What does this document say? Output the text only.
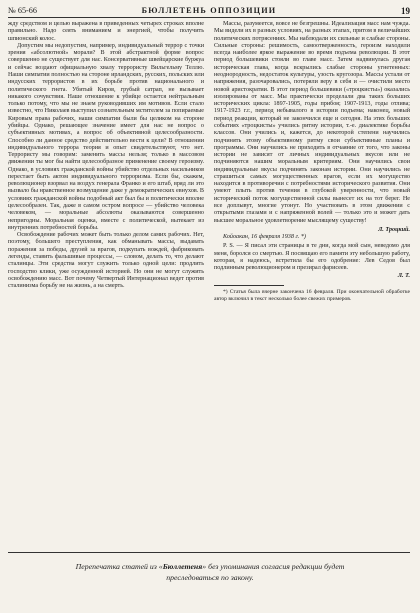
№ 65-66	БЮЛЛЕТЕНЬ ОППОЗИЦИИ	19

жду средством и целью выражена в приведенных четырех строках вполне правильно. Надо сеять вниманием и энергией, чтобы получить шпионский колос.

Допустим мы недопустим, например, индивидуальный террор с точки зрения «абсолютной» морали? В этой абстрактной форме вопрос совершенно не существует для нас. Консервативные швейцарские буржуа и сейчас воздают официальную хвалу террористу Вильгельму Теллю. Наши симпатии полностью на стороне ирландских, русских, польских или индусских террористов в их борьбе против национального и политического гнета. Убитый Киров, грубый сатрап, не вызывает никакого сочувствия. Наше отношение к убийце остается нейтральным только потому, что мы не знаем руководивших им мотивов. Если стало известно, что Николаев выступил сознательным мстителем за попираемые Кировым права рабочих, наши симпатии были бы целиком на стороне убийцы. Однако, решающее значение имеет для нас не вопрос о субъективных мотивах, а вопрос об объективной целесообразности. Способно ли данное средство действительно вести к цели? В отношении индивидуального террора теория и опыт свидетельствуют, что нет. Террористу мы говорим: заменить массы нельзя; только в массовом движении ты мог бы найти целесообразное применение своему героизму. Однако, в условиях гражданской войны убийство отдельных насильников перестает быть актом индивидуального терроризма. Если бы, скажем, революционер взорвал на воздух генерала Франко и его штаб, вряд ли это вызвало бы нравственное возмущение даже у демократических евнухов. В условиях гражданской войны подобный акт был бы и политически вполне целесообразен. Так, даже в самом остром вопросе — убийство человека человеком, — моральные абсолюты оказываются совершенно непригодны. Моральная оценка, вместе с политической, вытекает из внутренних потребностей борьбы.

Освобождение рабочих может быть только делом самих рабочих. Нет, поэтому, большего преступления, как обманывать массы, выдавать поражения за победы, друзей за врагов, подкупать вождей, фабриковать легенды, ставить фальшивые процессы, — словом, делать то, что делают сталинцы. Эти средства могут служить только одной цели: продлить господство клики, уже осужденной историей. Но они не могут служить освобождению масс. Вот почему Четвертый Интернационал ведет против сталинизма борьбу не на жизнь, а на смерть.

Массы, разумеется, вовсе не безгрешны. Идеализация масс нам чужда. Мы видели их в разных условиях, на разных этапах, притом в величайших политических потрясениях. Мы наблюдали их сильные и слабые стороны. Сильные стороны: решимость, самоотверженность, героизм находили всегда наиболее яркое выражение во время подъема революции. В этот период большевики стояли во главе масс. Затем надвинулась другая историческая глава, когда вскрылись слабые стороны угнетенных: неоднородность, недостаток культуры, узость кругозора. Массы устали от напряжения, разочаровались, потеряли веру в себя и — очистили место новой аристократии. В этот период большевики («троцкисты») оказались изолированы от масс. Мы практически проделали два таких больших исторических цикла: 1897-1905, годы прибоя; 1907-1913, годы отлива; 1917-1923 г.г., период небывалого в истории подъема; наконец, новый период реакции, который не закончился еще и сегодня. На этих больших событиях «троцкисты» учились ритму истории, т.-е. диалектике борьбы классов. Они учились и, кажется, до некоторой степени научились подчинять этому объективному ритму свои субъективные планы и программы. Они научились не приходить в отчаяние от того, что законы истории не зависят от личных индивидуальных вкусов или не подчиняются нашим моральным критериям. Они научились свои индивидуальные вкусы подчинять законам истории. Они научились не страшиться самых могущественных врагов, если их могущество находится в противоречии с потребностями исторического развития. Они умеют плыть против течения в глубокой уверенности, что новый исторический поток могущественной силы вынесет их на тот берег. Не все доплывут, многие утонут. Но участвовать в этом движении с открытыми глазами и с напряженной волей — только это и может дать высшее моральное удовлетворение мыслящему существу!

Л. Троцкий.

Койоакан, 16 февраля 1938 г. *)

P. S. — Я писал эти страницы в те дни, когда мой сын, неведомо для меня, боролся со смертью. Я посвящаю его памяти эту небольшую работу, которая, я надеюсь, встретила бы его одобрение: Лев Седов был подлинным революционером и презирал фарисеев.

Л. Т.

*) Статья была вчерне закончена 16 февраля. При окончательной обработке автор включил в текст несколько более свежих примеров.

Перепечатка статей из «Бюллетеня» без упоминания согласия редакции будет преследоваться по закону.
